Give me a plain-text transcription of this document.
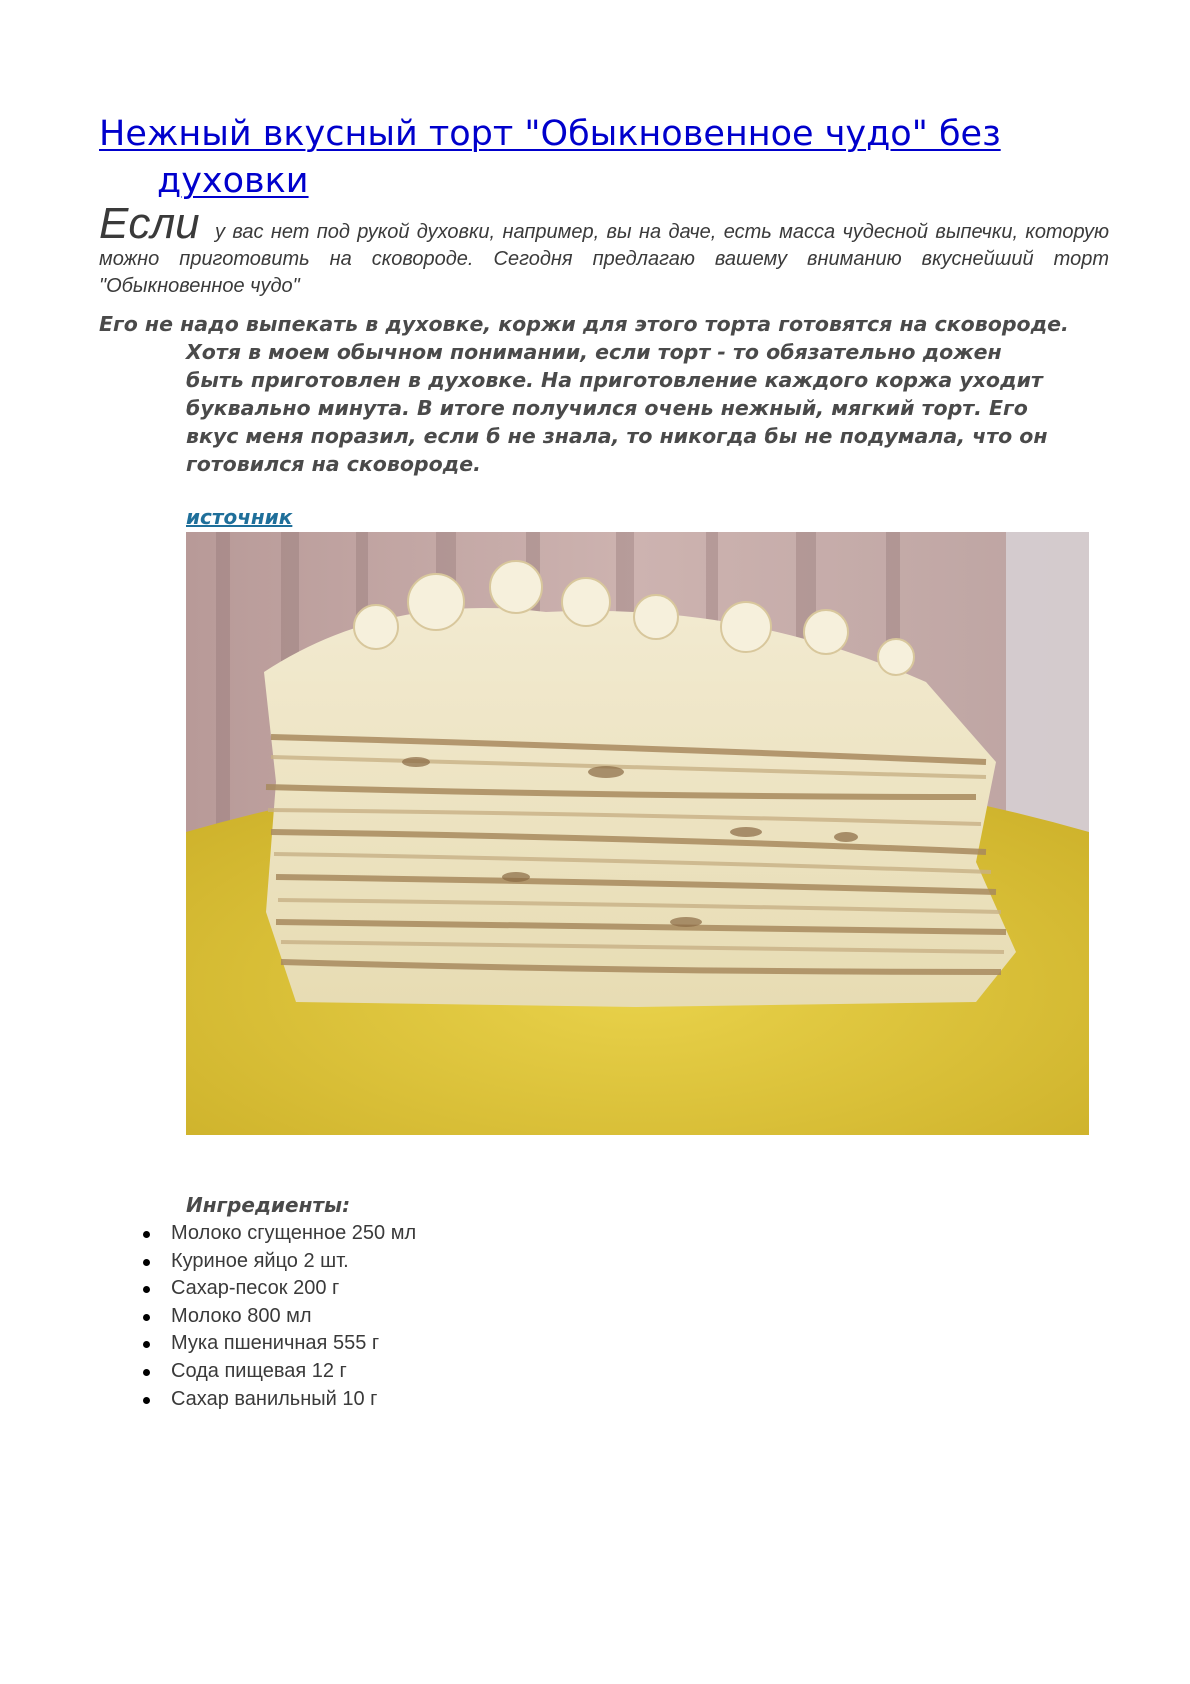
Нежный вкусный торт "Обыкновенное чудо" без
духовки

Если у вас нет под рукой духовки, например, вы на даче, есть масса чудесной выпечки, которую можно приготовить на сковороде. Сегодня предлагаю вашему вниманию вкуснейший торт "Обыкновенное чудо"

Его не надо выпекать в духовке, коржи для этого торта готовятся на сковороде.
Хотя в моем обычном понимании, если торт - то обязательно дожен быть приготовлен в духовке. На приготовление каждого коржа уходит буквально минута. В итоге получился очень нежный, мягкий торт. Его вкус меня поразил, если б не знала, то никогда бы не подумала, что он готовился на сковороде.

источник

Ингредиенты:

Молоко сгущенное 250 мл
Куриное яйцо 2 шт.
Сахар-песок 200 г
Молоко 800 мл
Мука пшеничная 555 г
Сода пищевая 12 г
Сахар ванильный 10 г
